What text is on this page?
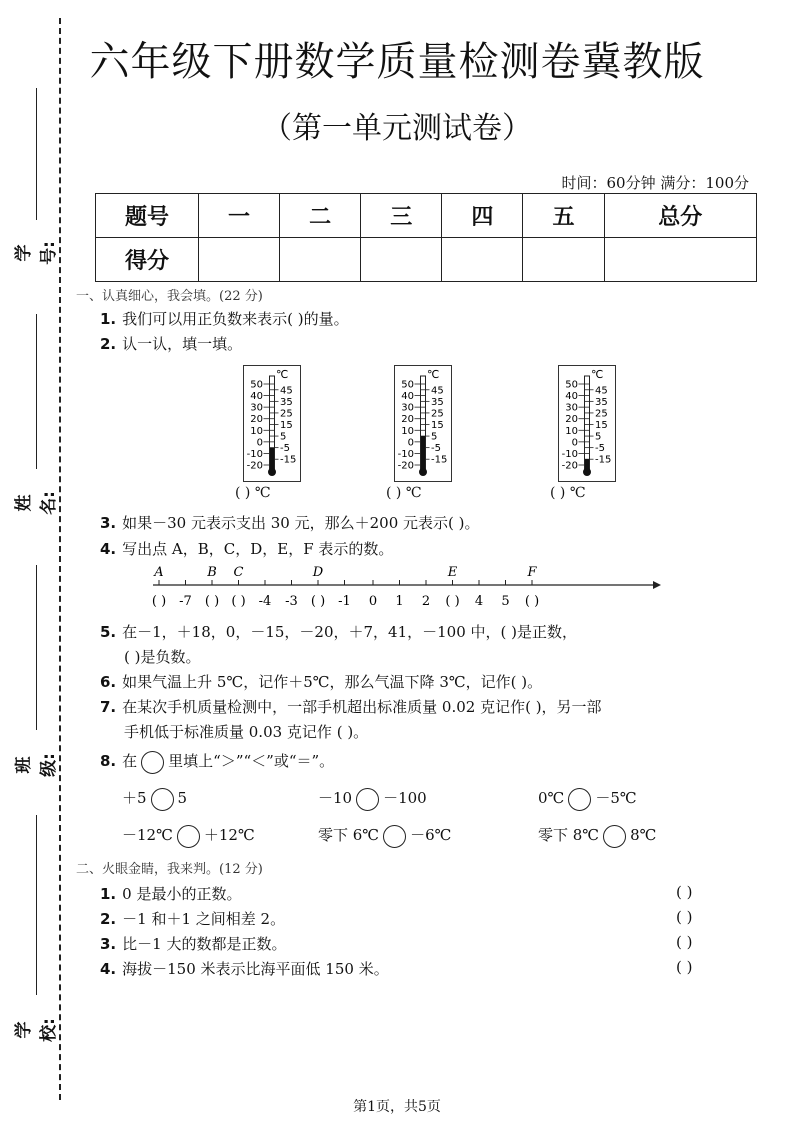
学号:
姓名:
班级:
学校:
六年级下册数学质量检测卷冀教版
（第一单元测试卷）
时间：60分钟 满分：100分
题号	一	二	三	四	五	总分
得分						
一、认真细心，我会填。(22 分)
1. 我们可以用正负数来表示( )的量。
2. 认一认，填一填。
℃
50
40
30
20
10
0
-10
-20
45
35
25
15
5
-5
-15
( ) ℃
℃
50
40
30
20
10
0
-10
-20
45
35
25
15
5
-5
-15
( ) ℃
℃
50
40
30
20
10
0
-10
-20
45
35
25
15
5
-5
-15
( ) ℃
3. 如果－30 元表示支出 30 元，那么＋200 元表示( )。
4. 写出点 A，B，C，D，E，F 表示的数。
A	B C	D	E	F
( ) -7 ( ) ( ) -4 -3 ( ) -1 0 1 2 ( ) 4 5 ( )
5. 在－1，＋18，0，－15，－20，＋7，41，－100 中，( )是正数，
( )是负数。
6. 如果气温上升 5℃，记作＋5℃，那么气温下降 3℃，记作( )。
7. 在某次手机质量检测中，一部手机超出标准质量 0.02 克记作( )，另一部
手机低于标准质量 0.03 克记作 ( )。
8. 在 里填上“＞”“＜”或“＝”。
＋5 5	－10 －100	0℃ －5℃
－12℃ ＋12℃	零下 6℃ －6℃	零下 8℃ 8℃
二、火眼金睛，我来判。(12 分)
1. 0 是最小的正数。	( )
2. －1 和＋1 之间相差 2。	( )
3. 比－1 大的数都是正数。	( )
4. 海拔－150 米表示比海平面低 150 米。	( )
第1页，共5页
